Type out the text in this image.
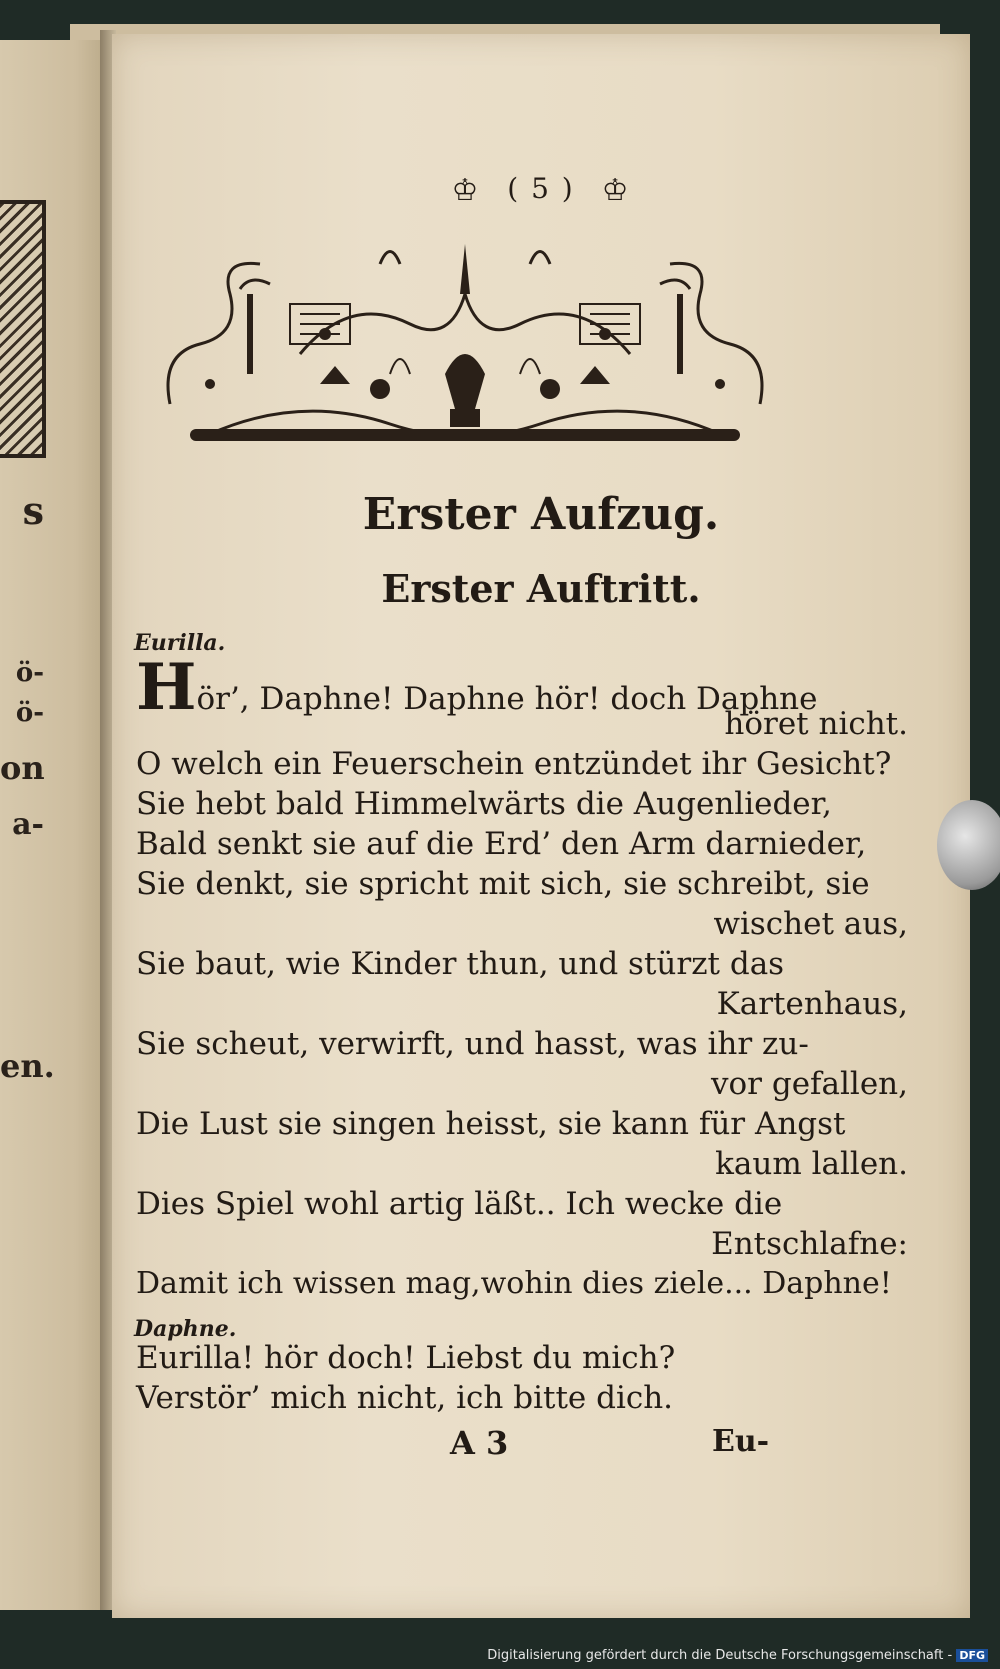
s
ö-
ö-
on
a-
en.
♔ ( 5 ) ♔
Erster Aufzug.
Erster Auftritt.
Eurilla.
Hör’, Daphne! Daphne hör! doch Daphne
höret nicht.
O welch ein Feuerschein entzündet ihr Gesicht?
Sie hebt bald Himmelwärts die Augenlieder,
Bald senkt sie auf die Erd’ den Arm darnieder,
Sie denkt, sie spricht mit sich, sie schreibt, sie
wischet aus,
Sie baut, wie Kinder thun, und stürzt das
Kartenhaus,
Sie scheut, verwirft, und hasst, was ihr zu-
vor gefallen,
Die Lust sie singen heisst, sie kann für Angst
kaum lallen.
Dies Spiel wohl artig läßt.. Ich wecke die
Entschlafne:
Damit ich wissen mag,wohin dies ziele... Daphne!
Daphne.
Eurilla! hör doch! Liebst du mich?
Verstör’ mich nicht, ich bitte dich.
A 3	Eu-
Digitalisierung gefördert durch die Deutsche Forschungsgemeinschaft - DFG
